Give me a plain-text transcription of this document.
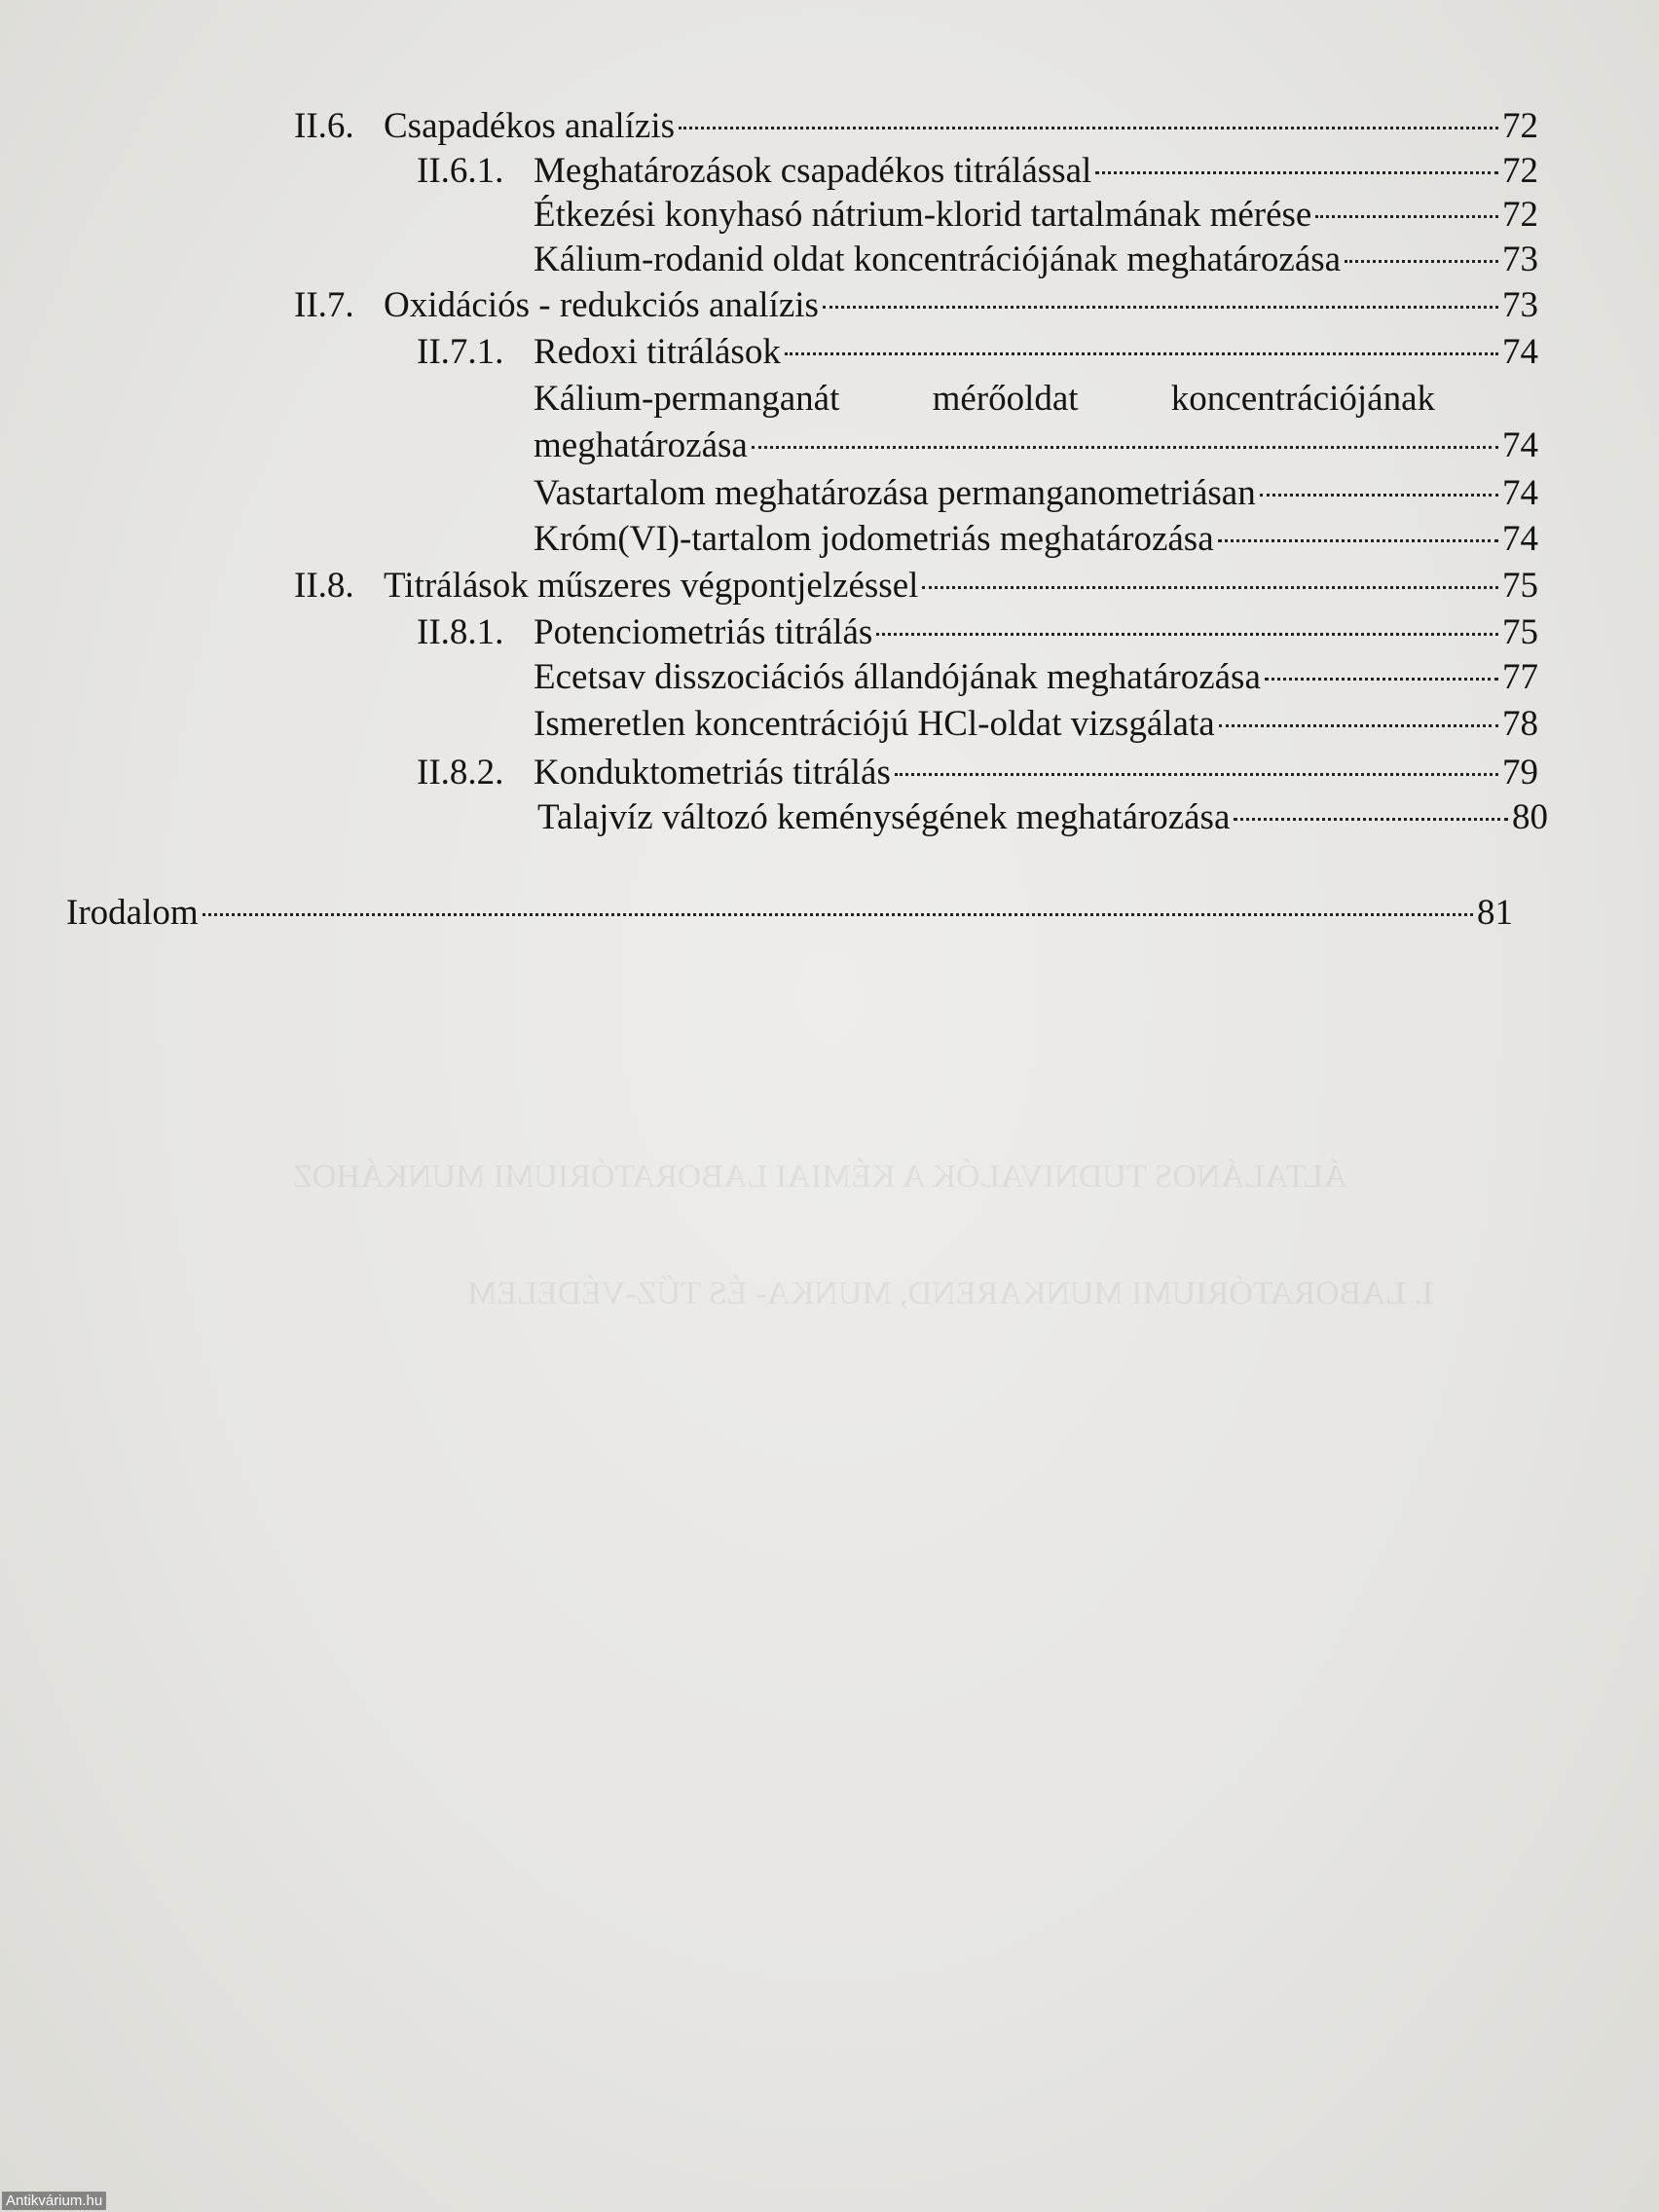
ÁLTALÁNOS TUDNIVALÓK A KÉMIAI LABORATÓRIUMI MUNKÁHOZ
I. LABORATÓRIUMI MUNKAREND, MUNKA- ÉS TŰZ-VÉDELEM
II.6. Csapadékos analízis	72
II.6.1. Meghatározások csapadékos titrálással	72
Étkezési konyhasó nátrium-klorid tartalmának mérése	72
Kálium-rodanid oldat koncentrációjának meghatározása	73
II.7. Oxidációs - redukciós analízis	73
II.7.1. Redoxi titrálások	74
Kálium-permanganát	mérőoldat	koncentrációjának
meghatározása	74
Vastartalom meghatározása permanganometriásan	74
Króm(VI)-tartalom jodometriás meghatározása	74
II.8. Titrálások műszeres végpontjelzéssel	75
II.8.1. Potenciometriás titrálás	75
Ecetsav disszociációs állandójának meghatározása	77
Ismeretlen koncentrációjú HCl-oldat vizsgálata	78
II.8.2. Konduktometriás titrálás	79
Talajvíz változó keménységének meghatározása	80
Irodalom	81
Antikvárium.hu
